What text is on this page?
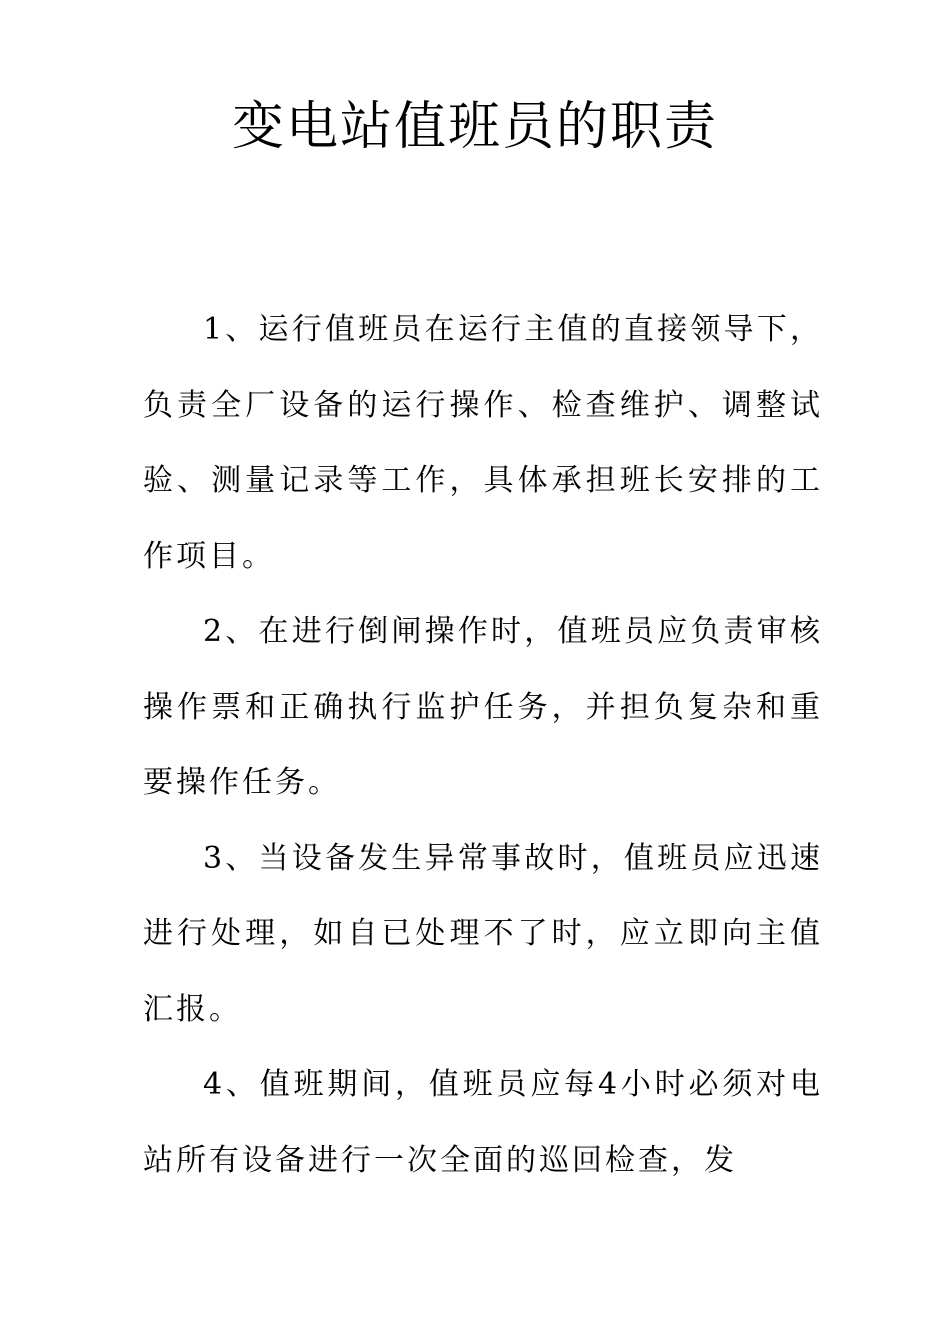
变电站值班员的职责

1、运行值班员在运行主值的直接领导下，负责全厂设备的运行操作、检查维护、调整试验、测量记录等工作，具体承担班长安排的工作项目。

2、在进行倒闸操作时，值班员应负责审核操作票和正确执行监护任务，并担负复杂和重要操作任务。

3、当设备发生异常事故时，值班员应迅速进行处理，如自已处理不了时，应立即向主值汇报。

4、值班期间，值班员应每4小时必须对电站所有设备进行一次全面的巡回检查，发
